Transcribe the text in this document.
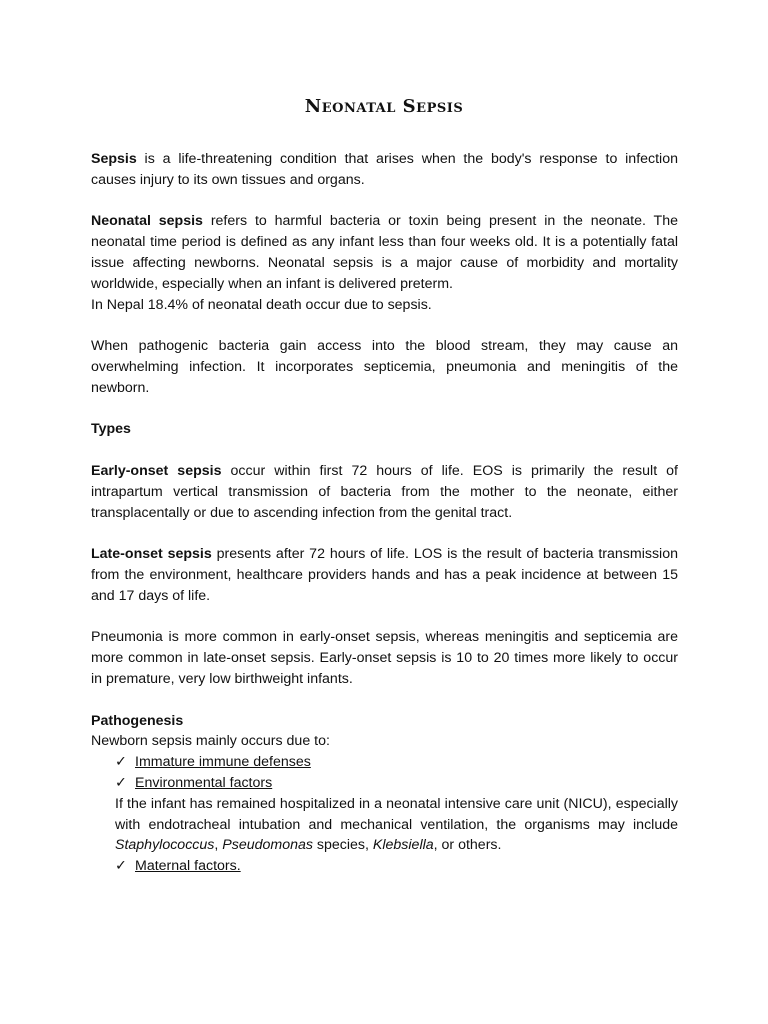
Neonatal Sepsis

Sepsis is a life-threatening condition that arises when the body's response to infection causes injury to its own tissues and organs.

Neonatal sepsis refers to harmful bacteria or toxin being present in the neonate. The neonatal time period is defined as any infant less than four weeks old. It is a potentially fatal issue affecting newborns. Neonatal sepsis is a major cause of morbidity and mortality worldwide, especially when an infant is delivered preterm.

In Nepal 18.4% of neonatal death occur due to sepsis.

When pathogenic bacteria gain access into the blood stream, they may cause an overwhelming infection. It incorporates septicemia, pneumonia and meningitis of the newborn.

Types

Early-onset sepsis occur within first 72 hours of life. EOS is primarily the result of intrapartum vertical transmission of bacteria from the mother to the neonate, either transplacentally or due to ascending infection from the genital tract.

Late-onset sepsis presents after 72 hours of life. LOS is the result of bacteria transmission from the environment, healthcare providers hands and has a peak incidence at between 15 and 17 days of life.

Pneumonia is more common in early-onset sepsis, whereas meningitis and septicemia are more common in late-onset sepsis. Early-onset sepsis is 10 to 20 times more likely to occur in premature, very low birthweight infants.

Pathogenesis

Newborn sepsis mainly occurs due to:

✓ Immature immune defenses
✓ Environmental factors

If the infant has remained hospitalized in a neonatal intensive care unit (NICU), especially with endotracheal intubation and mechanical ventilation, the organisms may include Staphylococcus, Pseudomonas species, Klebsiella, or others.

✓ Maternal factors.
